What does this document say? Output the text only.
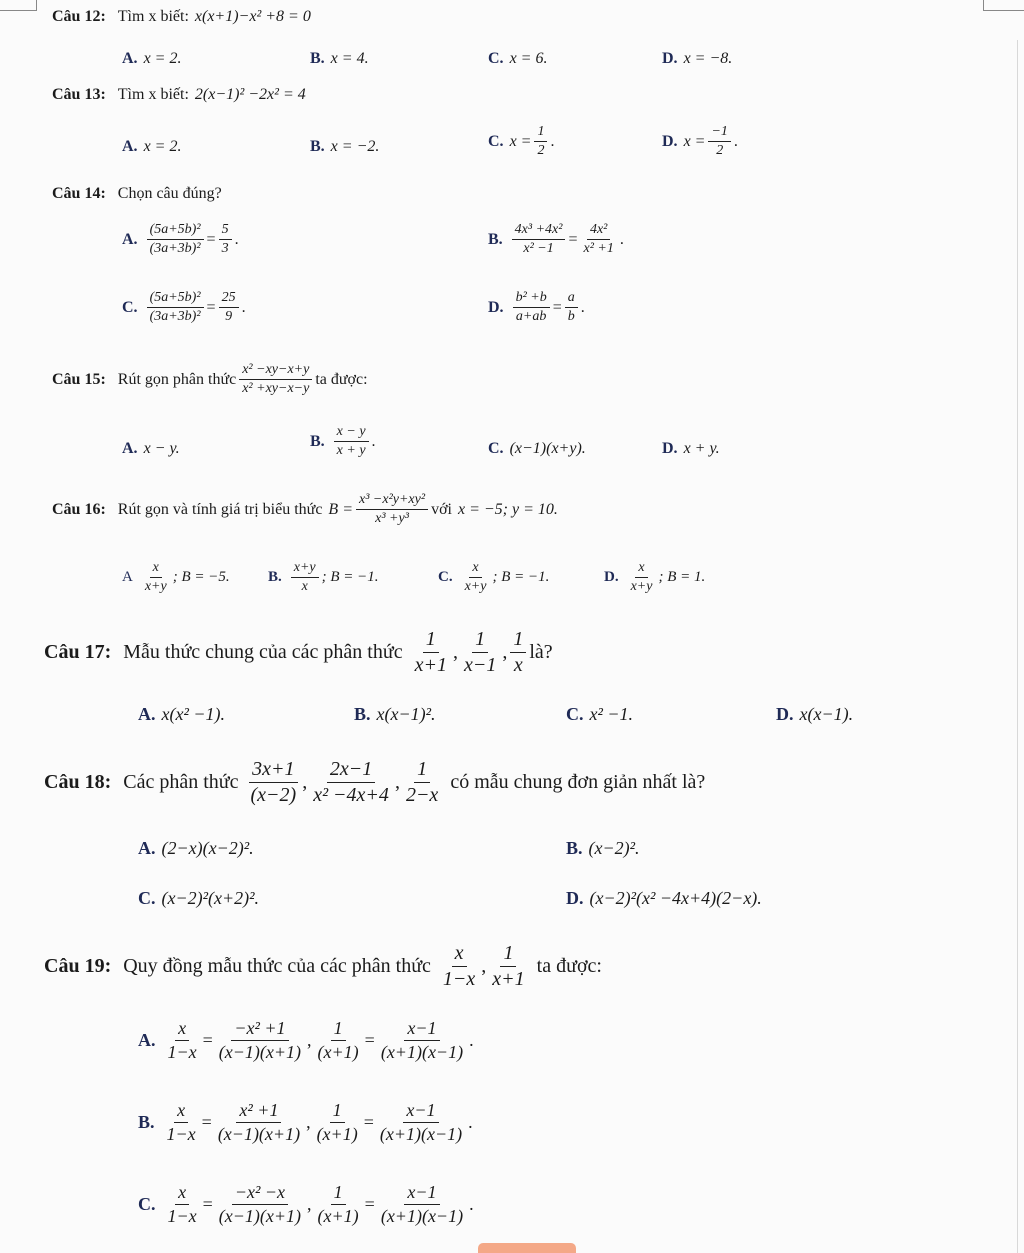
Câu 12: Tìm x biết: x(x+1)−x² +8 = 0
A. x = 2.	B. x = 4.	C. x = 6.	D. x = −8.
Câu 13: Tìm x biết: 2(x−1)² −2x² = 4
A. x = 2.	B. x = −2.	C. $x = \frac{1}{2}$ .	D. $x = \frac{-1}{2}$ .
Câu 14: Chọn câu đúng?
A. $\frac{\text{(5a+5b)²}}{\text{(3a+3b)²}} = \frac{5}{3}$ .	B. $\frac{\text{4x³ +4x²}}{\text{x² −1}} = \frac{\text{4x²}}{\text{x² +1}}$ .
C. $\frac{\text{(5a+5b)²}}{\text{(3a+3b)²}} = \frac{25}{9}$ .	D. $\frac{\text{b² +b}}{a+ab} = \frac{a}{b}$ .
Câu 15: Rút gọn phân thức $\frac{\text{x² −xy−x+y}}{\text{x² +xy−x−y}}$ ta được:
A. x − y.	B. $\frac{x - y}{x + y}$ .	C. (x−1)(x+y).	D. x + y.
Câu 16: Rút gọn và tính giá trị biểu thức $B = \frac{\text{x³ −x²y+xy²}}{\text{x³ +y³}}$ với x = −5; y = 10.
A $\frac{x}{x+y}$ ; B = −5.	B. $\frac{x+y}{x}$ ; B = −1.	C. $\frac{x}{x+y}$ ; B = −1.	D. $\frac{x}{x+y}$ ; B = 1.
Câu 17: Mẫu thức chung của các phân thức $\frac{1}{x+1}$ , $\frac{1}{x-1}$ , $\frac{1}{x}$ là?
A. x(x² −1).	B. x(x−1)².	C. x² −1.	D. x(x−1).
Câu 18: Các phân thức $\frac{3x+1}{(x-2)}$ , $\frac{2x-1}{\text{x² −4x+4}}$ , $\frac{1}{2-x}$ có mẫu chung đơn giản nhất là?
A. (2−x)(x−2)².	B. (x−2)².
C. (x−2)²(x+2)².	D. (x−2)²(x² −4x+4)(2−x).
Câu 19: Quy đồng mẫu thức của các phân thức $\frac{x}{1-x}$ , $\frac{1}{x+1}$ ta được:
A. $\frac{x}{1-x} = \frac{\text{−x² +1}}{(x-1)(x+1)}$ , $\frac{1}{(x+1)} = \frac{x-1}{(x+1)(x-1)}$ .
B. $\frac{x}{1-x} = \frac{\text{x² +1}}{(x-1)(x+1)}$ , $\frac{1}{(x+1)} = \frac{x-1}{(x+1)(x-1)}$ .
C. $\frac{x}{1-x} = \frac{\text{−x² −x}}{(x-1)(x+1)}$ , $\frac{1}{(x+1)} = \frac{x-1}{(x+1)(x-1)}$ .
